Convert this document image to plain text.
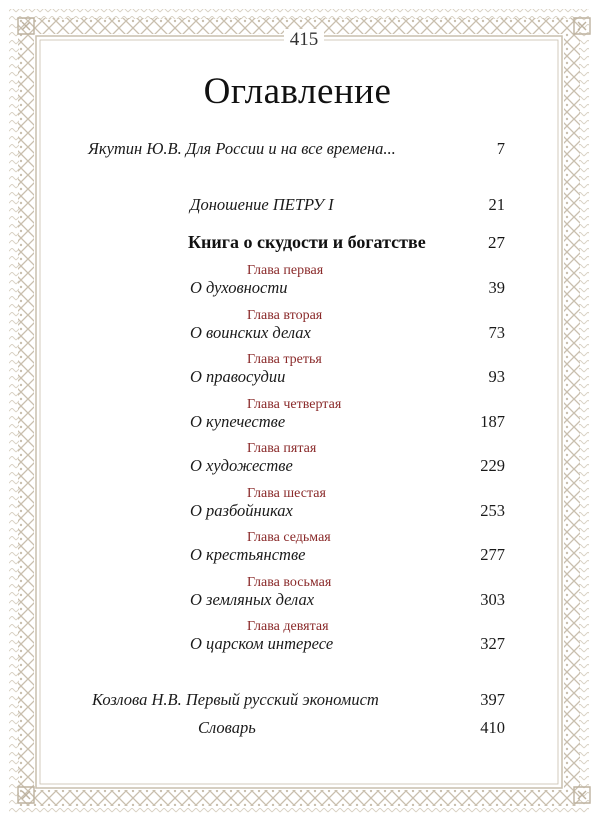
415
Оглавление
Якутин Ю.В. Для России и на все времена...	7
Доношение ПЕТРУ I	21
Книга о скудости и богатстве	27
Глава первая
О духовности	39
Глава вторая
О воинских делах	73
Глава третья
О правосудии	93
Глава четвертая
О купечестве	187
Глава пятая
О художестве	229
Глава шестая
О разбойниках	253
Глава седьмая
О крестьянстве	277
Глава восьмая
О земляных делах	303
Глава девятая
О царском интересе	327
Козлова Н.В. Первый русский экономист	397
Словарь	410
